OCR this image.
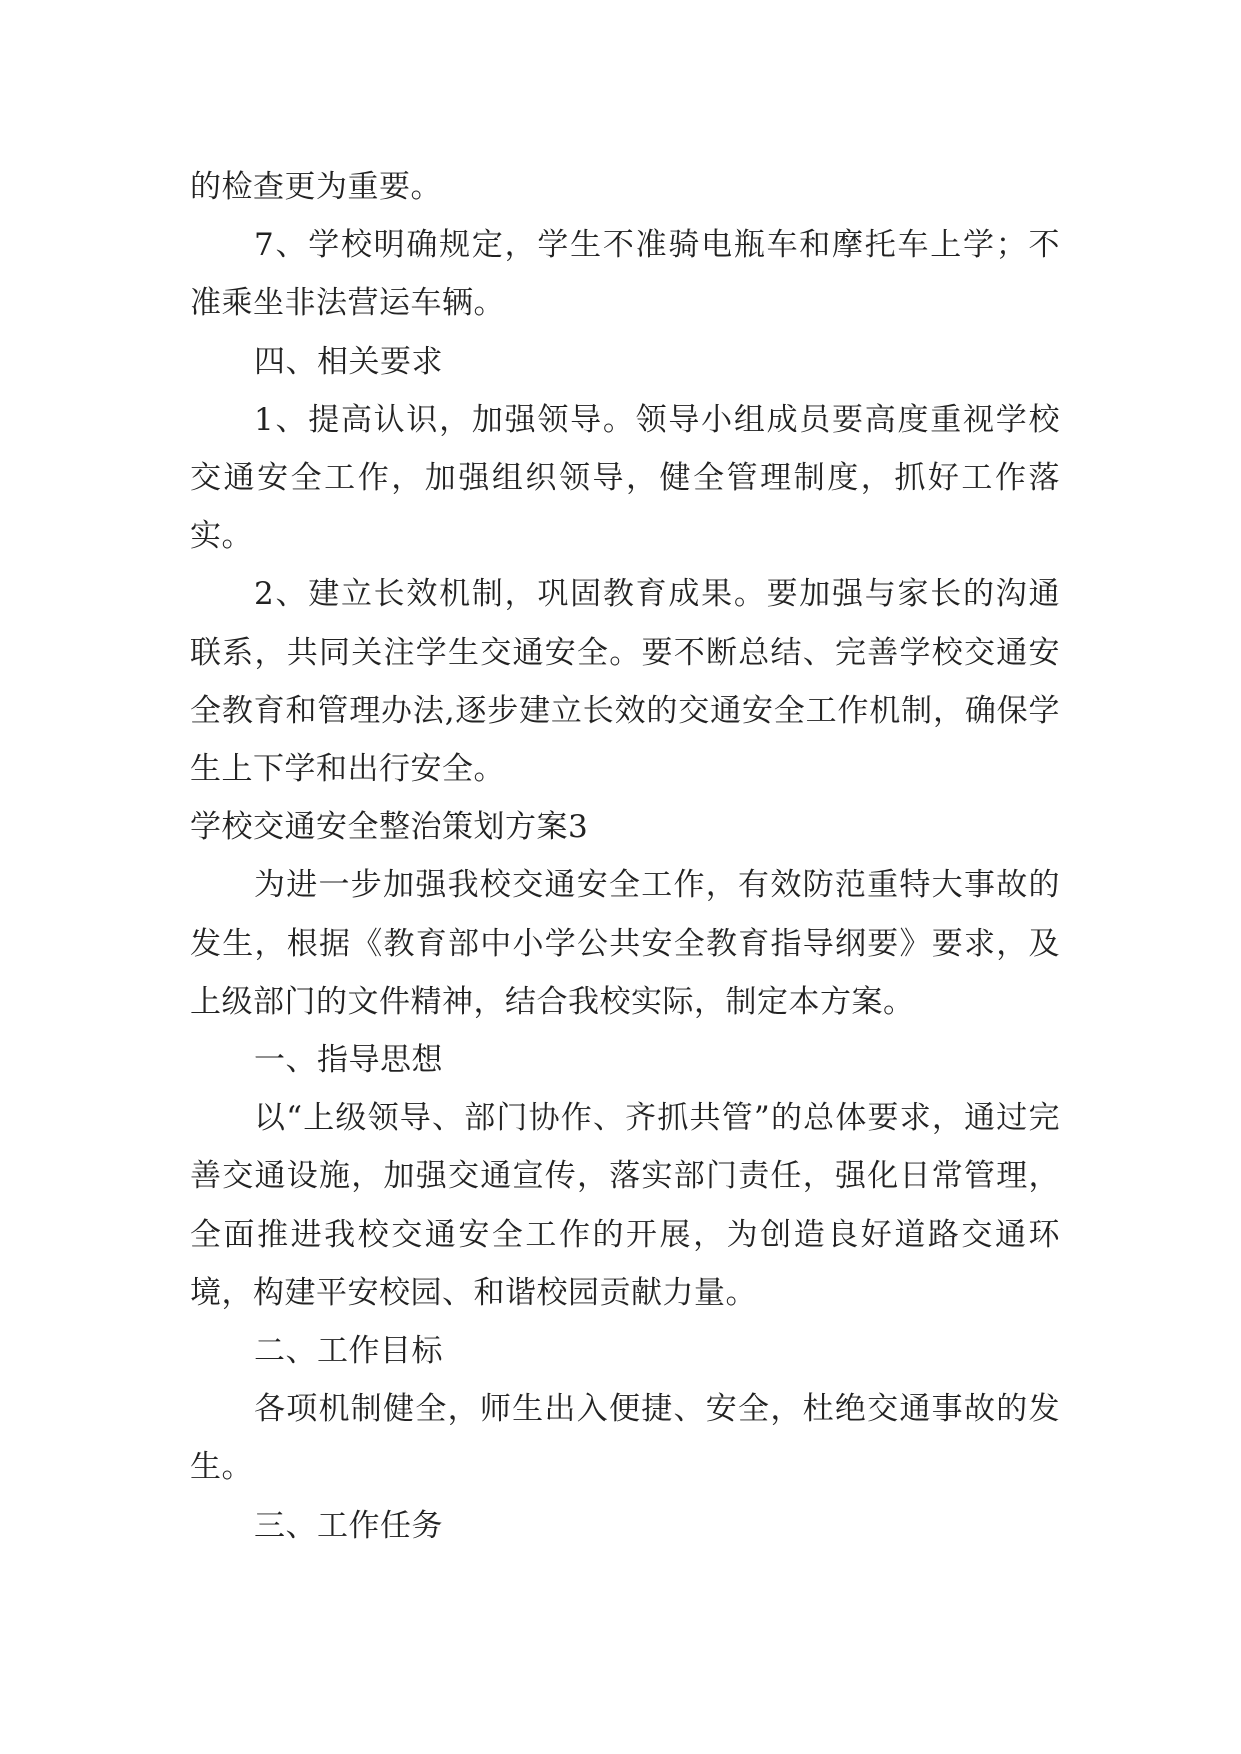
的检查更为重要。

7、学校明确规定，学生不准骑电瓶车和摩托车上学；不准乘坐非法营运车辆。

四、相关要求

1、提高认识，加强领导。领导小组成员要高度重视学校交通安全工作，加强组织领导，健全管理制度，抓好工作落实。

2、建立长效机制，巩固教育成果。要加强与家长的沟通联系，共同关注学生交通安全。要不断总结、完善学校交通安全教育和管理办法,逐步建立长效的交通安全工作机制，确保学生上下学和出行安全。

学校交通安全整治策划方案3

为进一步加强我校交通安全工作，有效防范重特大事故的发生，根据《教育部中小学公共安全教育指导纲要》要求，及上级部门的文件精神，结合我校实际，制定本方案。

一、指导思想

以“上级领导、部门协作、齐抓共管”的总体要求，通过完善交通设施，加强交通宣传，落实部门责任，强化日常管理，全面推进我校交通安全工作的开展，为创造良好道路交通环境，构建平安校园、和谐校园贡献力量。

二、工作目标

各项机制健全，师生出入便捷、安全，杜绝交通事故的发生。

三、工作任务
